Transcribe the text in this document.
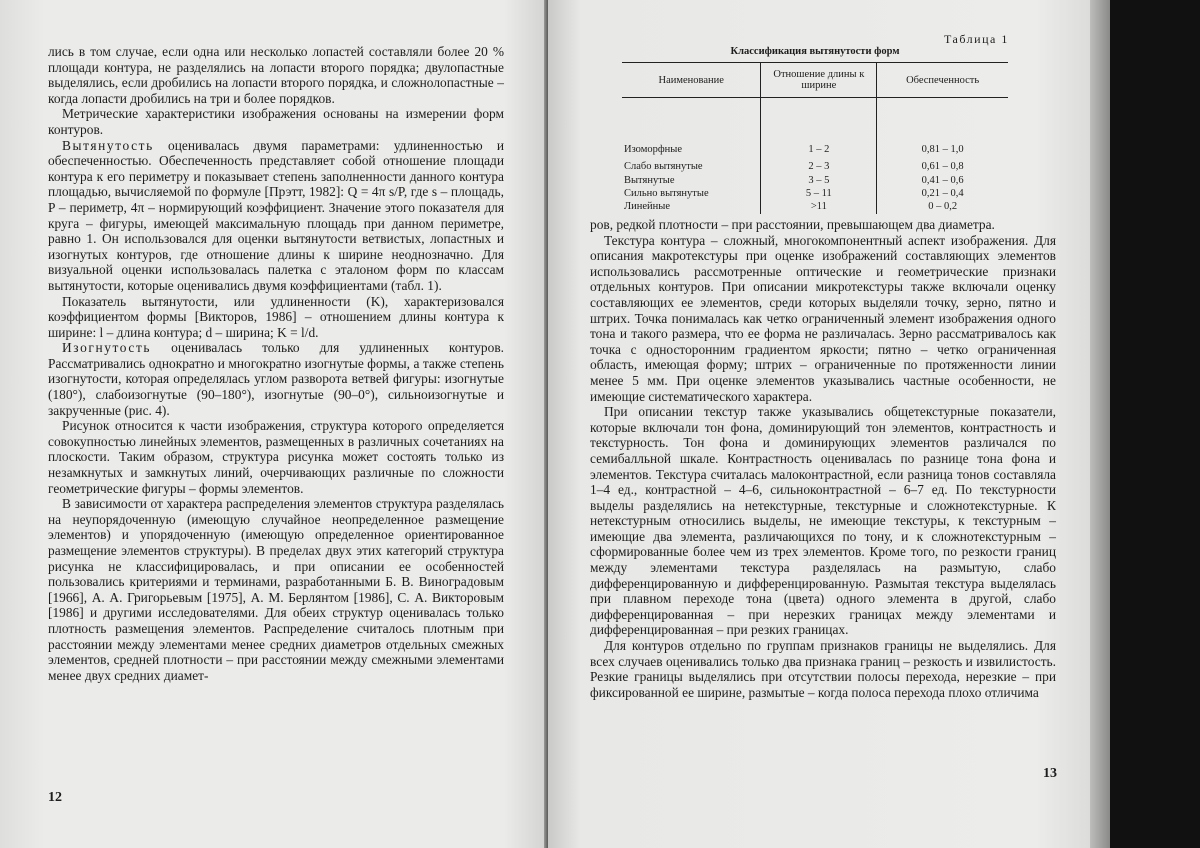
лись в том случае, если одна или несколько лопастей составляли более 20 % площади контура, не разделялись на лопасти второго порядка; двулопастные выделялись, если дробились на лопасти второго порядка, и сложнолопастные – когда лопасти дробились на три и более порядков.

Метрические характеристики изображения основаны на измерении форм контуров.

Вытянутость оценивалась двумя параметрами: удлиненностью и обеспеченностью. Обеспеченность представляет собой отношение площади контура к его периметру и показывает степень заполненности данного контура площадью, вычисляемой по формуле [Прэтт, 1982]: Q = 4π s/P, где s – площадь, P – периметр, 4π – нормирующий коэффициент. Значение этого показателя для круга – фигуры, имеющей максимальную площадь при данном периметре, равно 1. Он использовался для оценки вытянутости ветвистых, лопастных и изогнутых контуров, где отношение длины к ширине неоднозначно. Для визуальной оценки использовалась палетка с эталоном форм по классам вытянутости, которые оценивались двумя коэффициентами (табл. 1).

Показатель вытянутости, или удлиненности (K), характеризовался коэффициентом формы [Викторов, 1986] – отношением длины контура к ширине: l – длина контура; d – ширина; K = l/d.

Изогнутость оценивалась только для удлиненных контуров. Рассматривались однократно и многократно изогнутые формы, а также степень изогнутости, которая определялась углом разворота ветвей фигуры: изогнутые (180°), слабоизогнутые (90–180°), изогнутые (90–0°), сильноизогнутые и закрученные (рис. 4).

Рисунок относится к части изображения, структура которого определяется совокупностью линейных элементов, размещенных в различных сочетаниях на плоскости. Таким образом, структура рисунка может состоять только из незамкнутых и замкнутых линий, очерчивающих различные по сложности геометрические фигуры – формы элементов.

В зависимости от характера распределения элементов структура разделялась на неупорядоченную (имеющую случайное неопределенное размещение элементов) и упорядоченную (имеющую определенное ориентированное размещение элементов структуры). В пределах двух этих категорий структура рисунка не классифицировалась, и при описании ее особенностей пользовались критериями и терминами, разработанными Б. В. Виноградовым [1966], А. А. Григорьевым [1975], А. М. Берлянтом [1986], С. А. Викторовым [1986] и другими исследователями. Для обеих структур оценивалась только плотность размещения элементов. Распределение считалось плотным при расстоянии между элементами менее средних диаметров отдельных смежных элементов, средней плотности – при расстоянии между смежными элементами менее двух средних диамет-

12
Таблица 1
Классификация вытянутости форм
Наименование	Отношение длины к ширине	Обеспеченность
Изоморфные	1 – 2	0,81 – 1,0
Слабо вытянутые	2 – 3	0,61 – 0,8
Вытянутые	3 – 5	0,41 – 0,6
Сильно вытянутые	5 – 11	0,21 – 0,4
Линейные	>11	0 – 0,2

ров, редкой плотности – при расстоянии, превышающем два диаметра.

Текстура контура – сложный, многокомпонентный аспект изображения. Для описания макротекстуры при оценке изображений составляющих элементов использовались рассмотренные оптические и геометрические признаки отдельных контуров. При описании микротекстуры также включали оценку составляющих ее элементов, среди которых выделяли точку, зерно, пятно и штрих. Точка понималась как четко ограниченный элемент изображения одного тона и такого размера, что ее форма не различалась. Зерно рассматривалось как точка с односторонним градиентом яркости; пятно – четко ограниченная область, имеющая форму; штрих – ограниченные по протяженности линии менее 5 мм. При оценке элементов указывались частные особенности, не имеющие систематического характера.

При описании текстур также указывались общетекстурные показатели, которые включали тон фона, доминирующий тон элементов, контрастность и текстурность. Тон фона и доминирующих элементов различался по семибалльной шкале. Контрастность оценивалась по разнице тона фона и элементов. Текстура считалась малоконтрастной, если разница тонов составляла 1–4 ед., контрастной – 4–6, сильноконтрастной – 6–7 ед. По текстурности выделы разделялись на нетекстурные, текстурные и сложнотекстурные. К нетекстурным относились выделы, не имеющие текстуры, к текстурным – имеющие два элемента, различающихся по тону, и к сложнотекстурным – сформированные более чем из трех элементов. Кроме того, по резкости границ между элементами текстура разделялась на размытую, слабо дифференцированную и дифференцированную. Размытая текстура выделялась при плавном переходе тона (цвета) одного элемента в другой, слабо дифференцированная – при нерезких границах между элементами и дифференцированная – при резких границах.

Для контуров отдельно по группам признаков границы не выделялись. Для всех случаев оценивались только два признака границ – резкость и извилистость. Резкие границы выделялись при отсутствии полосы перехода, нерезкие – при фиксированной ее ширине, размытые – когда полоса перехода плохо отличима

13
